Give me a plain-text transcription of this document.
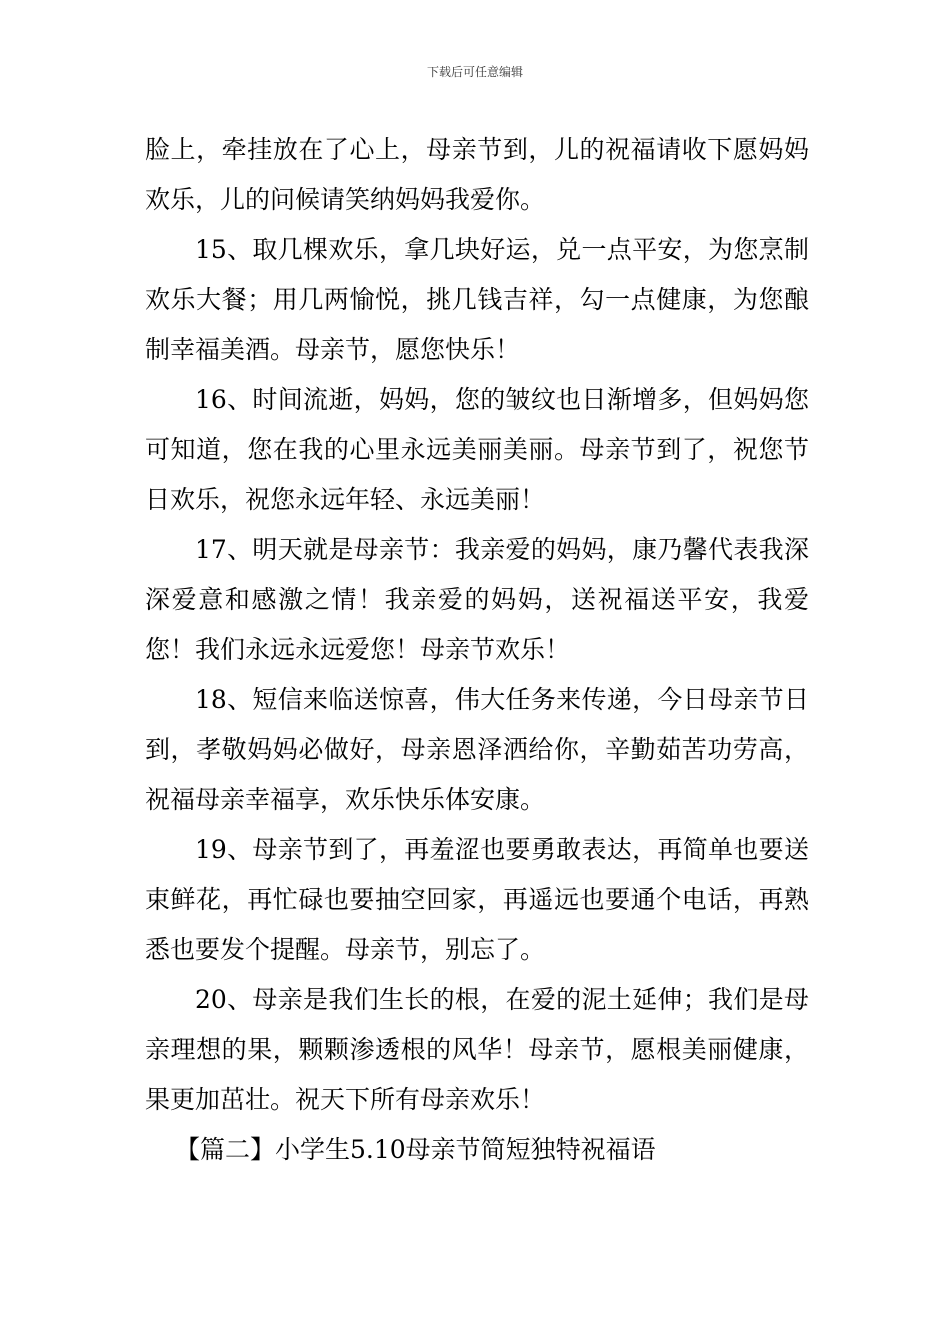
下载后可任意编辑

脸上，牵挂放在了心上，母亲节到，儿的祝福请收下愿妈妈欢乐，儿的问候请笑纳妈妈我爱你。

15、取几棵欢乐，拿几块好运，兑一点平安，为您烹制欢乐大餐；用几两愉悦，挑几钱吉祥，勾一点健康，为您酿制幸福美酒。母亲节，愿您快乐！

16、时间流逝，妈妈，您的皱纹也日渐增多，但妈妈您可知道，您在我的心里永远美丽美丽。母亲节到了，祝您节日欢乐，祝您永远年轻、永远美丽！

17、明天就是母亲节：我亲爱的妈妈，康乃馨代表我深深爱意和感激之情！我亲爱的妈妈，送祝福送平安，我爱您！我们永远永远爱您！母亲节欢乐！

18、短信来临送惊喜，伟大任务来传递，今日母亲节日到，孝敬妈妈必做好，母亲恩泽洒给你，辛勤茹苦功劳高，祝福母亲幸福享，欢乐快乐体安康。

19、母亲节到了，再羞涩也要勇敢表达，再简单也要送束鲜花，再忙碌也要抽空回家，再遥远也要通个电话，再熟悉也要发个提醒。母亲节，别忘了。

20、母亲是我们生长的根，在爱的泥土延伸；我们是母亲理想的果，颗颗渗透根的风华！母亲节，愿根美丽健康，果更加茁壮。祝天下所有母亲欢乐！

【篇二】小学生5.10母亲节简短独特祝福语
